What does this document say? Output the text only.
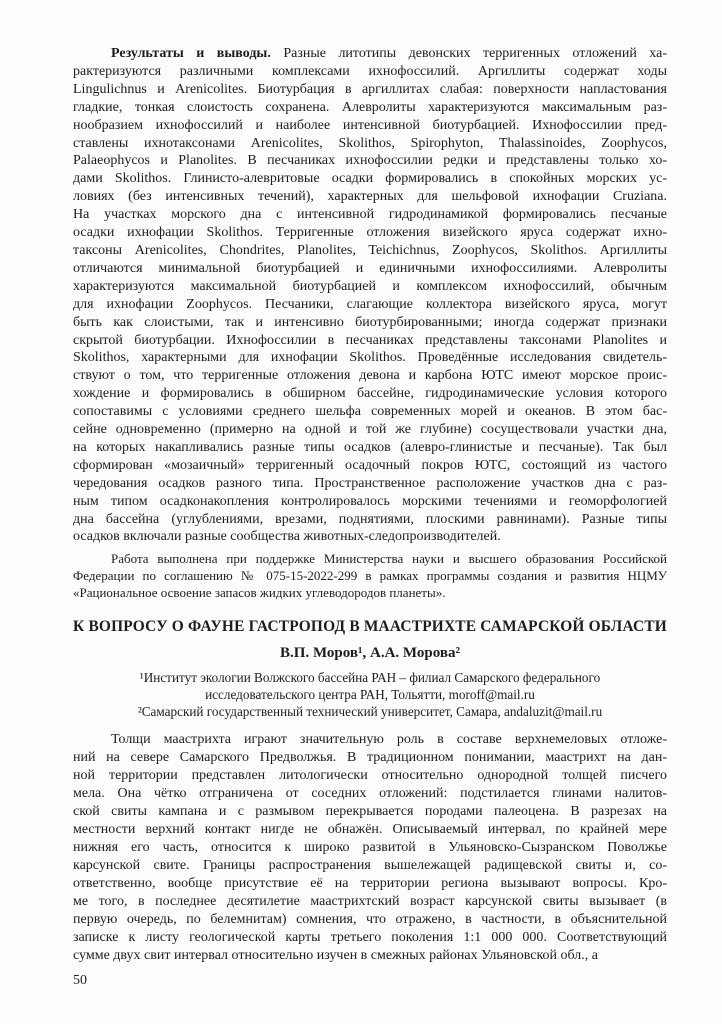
Результаты и выводы. Разные литотипы девонских терригенных отложений ха-
рактеризуются различными комплексами ихнофоссилий. Аргиллиты содержат ходы
Lingulichnus и Arenicolites. Биотурбация в аргиллитах слабая: поверхности напластования
гладкие, тонкая слоистость сохранена. Алевролиты характеризуются максимальным раз-
нообразием ихнофоссилий и наиболее интенсивной биотурбацией. Ихнофоссилии пред-
ставлены ихнотаксонами Arenicolites, Skolithos, Spirophyton, Thalassinoides, Zoophycos,
Palaeophycos и Planolites. В песчаниках ихнофоссилии редки и представлены только хо-
дами Skolithos. Глинисто-алевритовые осадки формировались в спокойных морских ус-
ловиях (без интенсивных течений), характерных для шельфовой ихнофации Cruziana.
На участках морского дна с интенсивной гидродинамикой формировались песчаные
осадки ихнофации Skolithos. Терригенные отложения визейского яруса содержат ихно-
таксоны Arenicolites, Chondrites, Planolites, Teichichnus, Zoophycos, Skolithos. Аргиллиты
отличаются минимальной биотурбацией и единичными ихнофоссилиями. Алевролиты
характеризуются максимальной биотурбацией и комплексом ихнофоссилий, обычным
для ихнофации Zoophycos. Песчаники, слагающие коллектора визейского яруса, могут
быть как слоистыми, так и интенсивно биотурбированными; иногда содержат признаки
скрытой биотурбации. Ихнофоссилии в песчаниках представлены таксонами Planolites и
Skolithos, характерными для ихнофации Skolithos. Проведённые исследования свидетель-
ствуют о том, что терригенные отложения девона и карбона ЮТС имеют морское проис-
хождение и формировались в обширном бассейне, гидродинамические условия которого
сопоставимы с условиями среднего шельфа современных морей и океанов. В этом бас-
сейне одновременно (примерно на одной и той же глубине) сосуществовали участки дна,
на которых накапливались разные типы осадков (алевро-глинистые и песчаные). Так был
сформирован «мозаичный» терригенный осадочный покров ЮТС, состоящий из частого
чередования осадков разного типа. Пространственное расположение участков дна с раз-
ным типом осадконакопления контролировалось морскими течениями и геоморфологией
дна бассейна (углублениями, врезами, поднятиями, плоскими равнинами). Разные типы
осадков включали разные сообщества животных-следопроизводителей.
Работа выполнена при поддержке Министерства науки и высшего образования Российской
Федерации по соглашению № 075-15-2022-299 в рамках программы создания и развития НЦМУ
«Рациональное освоение запасов жидких углеводородов планеты».
К ВОПРОСУ О ФАУНЕ ГАСТРОПОД В МААСТРИХТЕ САМАРСКОЙ ОБЛАСТИ
В.П. Моров¹, А.А. Морова²
¹Институт экологии Волжского бассейна РАН – филиал Самарского федерального
исследовательского центра РАН, Тольятти, moroff@mail.ru
²Самарский государственный технический университет, Самара, andaluzit@mail.ru
Толщи маастрихта играют значительную роль в составе верхнемеловых отложе-
ний на севере Самарского Предволжья. В традиционном понимании, маастрихт на дан-
ной территории представлен литологически относительно однородной толщей писчего
мела. Она чётко отграничена от соседних отложений: подстилается глинами налитов-
ской свиты кампана и с размывом перекрывается породами палеоцена. В разрезах на
местности верхний контакт нигде не обнажён. Описываемый интервал, по крайней мере
нижняя его часть, относится к широко развитой в Ульяновско-Сызранском Поволжье
карсунской свите. Границы распространения вышележащей радищевской свиты и, со-
ответственно, вообще присутствие её на территории региона вызывают вопросы. Кро-
ме того, в последнее десятилетие маастрихтский возраст карсунской свиты вызывает (в
первую очередь, по белемнитам) сомнения, что отражено, в частности, в объяснительной
записке к листу геологической карты третьего поколения 1:1 000 000. Соответствующий
сумме двух свит интервал относительно изучен в смежных районах Ульяновской обл., а
50
